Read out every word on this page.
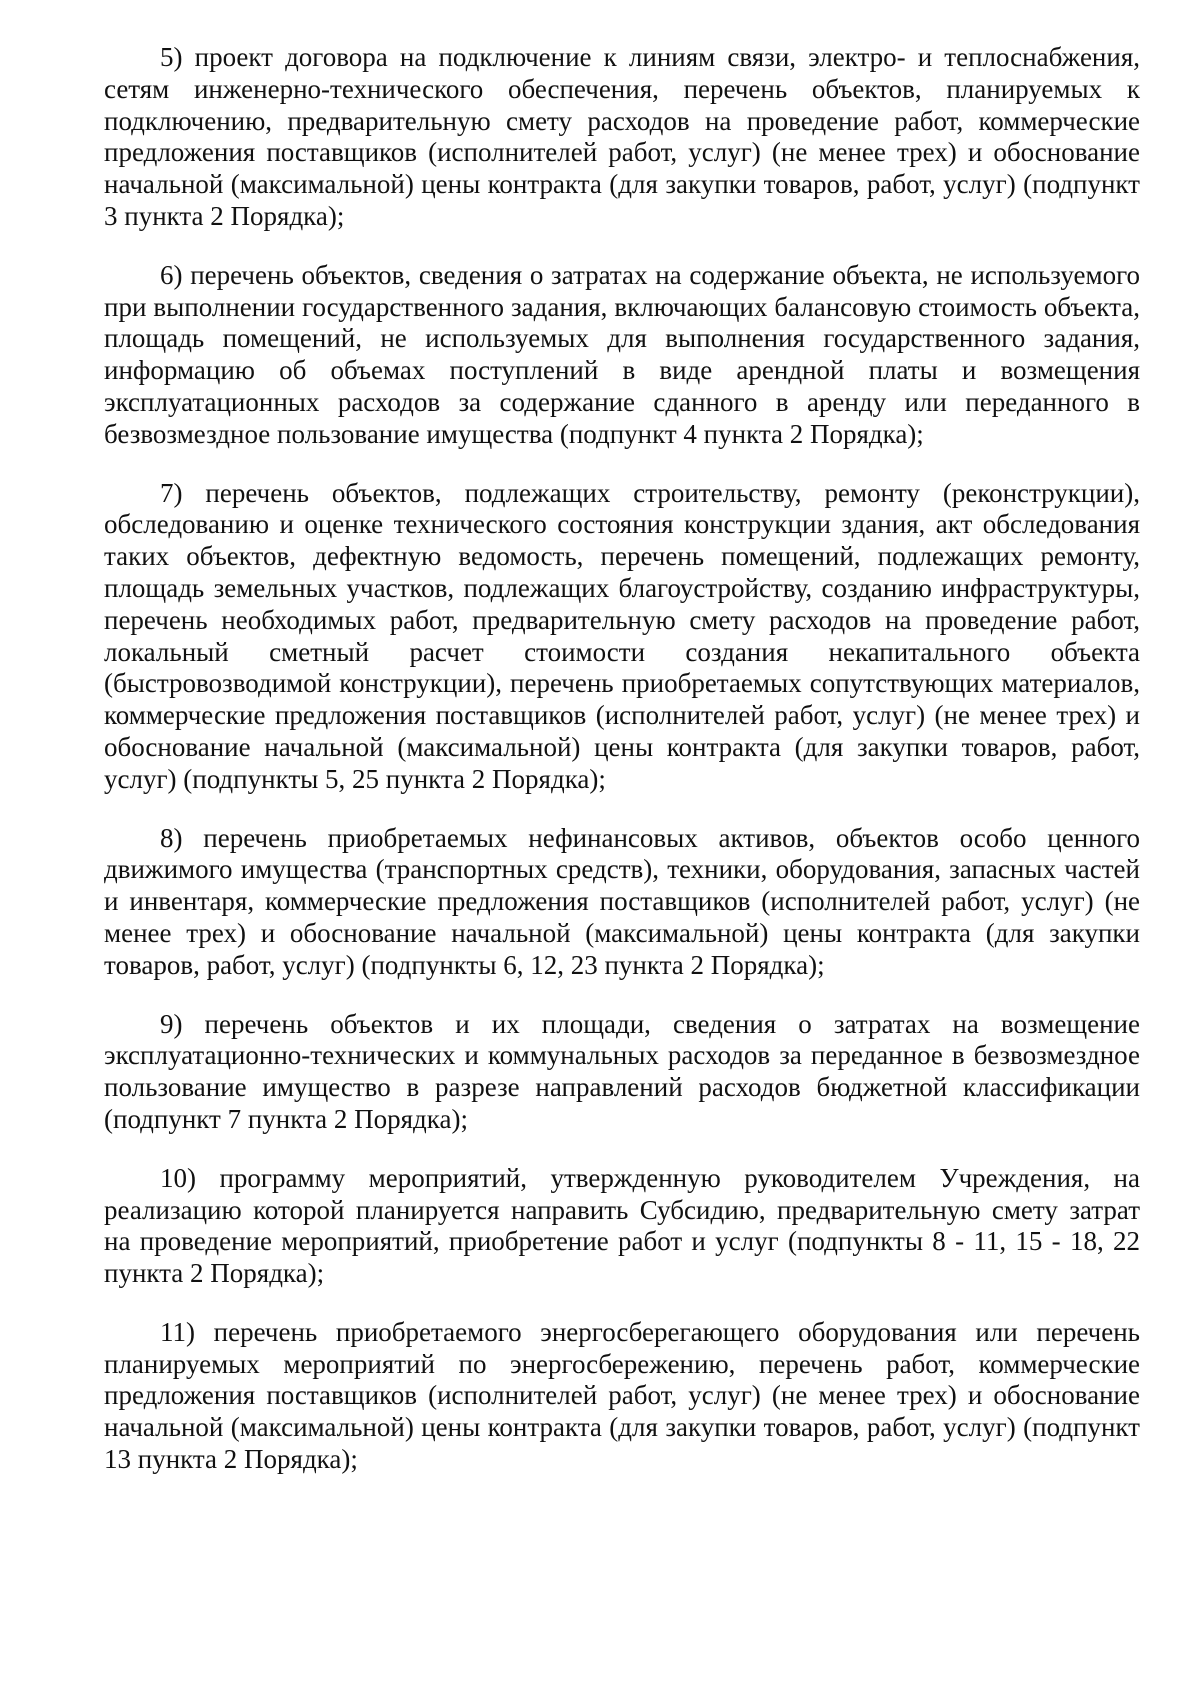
5) проект договора на подключение к линиям связи, электро- и теплоснабжения, сетям инженерно-технического обеспечения, перечень объектов, планируемых к подключению, предварительную смету расходов на проведение работ, коммерческие предложения поставщиков (исполнителей работ, услуг) (не менее трех) и обоснование начальной (максимальной) цены контракта (для закупки товаров, работ, услуг) (подпункт 3 пункта 2 Порядка);

6) перечень объектов, сведения о затратах на содержание объекта, не используемого при выполнении государственного задания, включающих балансовую стоимость объекта, площадь помещений, не используемых для выполнения государственного задания, информацию об объемах поступлений в виде арендной платы и возмещения эксплуатационных расходов за содержание сданного в аренду или переданного в безвозмездное пользование имущества (подпункт 4 пункта 2 Порядка);

7) перечень объектов, подлежащих строительству, ремонту (реконструкции), обследованию и оценке технического состояния конструкции здания, акт обследования таких объектов, дефектную ведомость, перечень помещений, подлежащих ремонту, площадь земельных участков, подлежащих благоустройству, созданию инфраструктуры, перечень необходимых работ, предварительную смету расходов на проведение работ, локальный сметный расчет стоимости создания некапитального объекта (быстровозводимой конструкции), перечень приобретаемых сопутствующих материалов, коммерческие предложения поставщиков (исполнителей работ, услуг) (не менее трех) и обоснование начальной (максимальной) цены контракта (для закупки товаров, работ, услуг) (подпункты 5, 25 пункта 2 Порядка);

8) перечень приобретаемых нефинансовых активов, объектов особо ценного движимого имущества (транспортных средств), техники, оборудования, запасных частей и инвентаря, коммерческие предложения поставщиков (исполнителей работ, услуг) (не менее трех) и обоснование начальной (максимальной) цены контракта (для закупки товаров, работ, услуг) (подпункты 6, 12, 23 пункта 2 Порядка);

9) перечень объектов и их площади, сведения о затратах на возмещение эксплуатационно-технических и коммунальных расходов за переданное в безвозмездное пользование имущество в разрезе направлений расходов бюджетной классификации (подпункт 7 пункта 2 Порядка);

10) программу мероприятий, утвержденную руководителем Учреждения, на реализацию которой планируется направить Субсидию, предварительную смету затрат на проведение мероприятий, приобретение работ и услуг (подпункты 8 - 11, 15 - 18, 22 пункта 2 Порядка);

11) перечень приобретаемого энергосберегающего оборудования или перечень планируемых мероприятий по энергосбережению, перечень работ, коммерческие предложения поставщиков (исполнителей работ, услуг) (не менее трех) и обоснование начальной (максимальной) цены контракта (для закупки товаров, работ, услуг) (подпункт 13 пункта 2 Порядка);
